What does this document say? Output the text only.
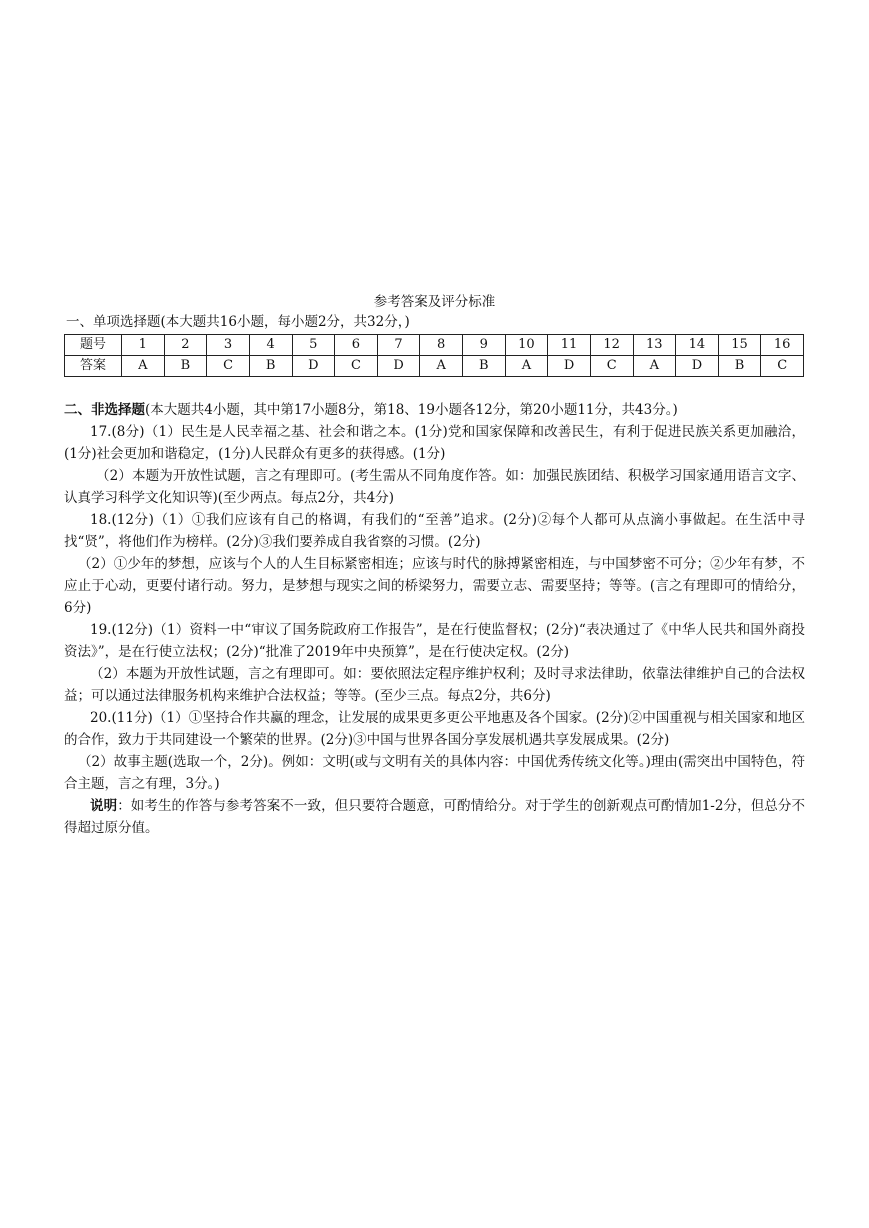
参考答案及评分标准
一、单项选择题(本大题共16小题，每小题2分，共32分，)
题号	1	2	3	4	5	6	7	8	9	10	11	12	13	14	15	16
答案	A	B	C	B	D	C	D	A	B	A	D	C	A	D	B	C
二、非选择题(本大题共4小题，其中第17小题8分，第18、19小题各12分，第20小题11分，共43分。)

17.(8分)（1）民生是人民幸福之基、社会和谐之本。(1分)党和国家保障和改善民生，有利于促进民族关系更加融洽，(1分)社会更加和谐稳定，(1分)人民群众有更多的获得感。(1分)

（2）本题为开放性试题，言之有理即可。(考生需从不同角度作答。如：加强民族团结、积极学习国家通用语言文字、认真学习科学文化知识等)(至少两点。每点2分，共4分)

18.(12分)（1）①我们应该有自己的格调，有我们的“至善”追求。(2分)②每个人都可从点滴小事做起。在生活中寻找“贤”，将他们作为榜样。(2分)③我们要养成自我省察的习惯。(2分)

（2）①少年的梦想，应该与个人的人生目标紧密相连；应该与时代的脉搏紧密相连，与中国梦密不可分；②少年有梦，不应止于心动，更要付诸行动。努力，是梦想与现实之间的桥梁努力，需要立志、需要坚持；等等。(言之有理即可的情给分，6分)

19.(12分)（1）资料一中“审议了国务院政府工作报告”，是在行使监督权；(2分)“表决通过了《中华人民共和国外商投资法》”，是在行使立法权；(2分)“批准了2019年中央预算”，是在行使决定权。(2分)

（2）本题为开放性试题，言之有理即可。如：要依照法定程序维护权利；及时寻求法律助，依靠法律维护自己的合法权益；可以通过法律服务机构来维护合法权益；等等。(至少三点。每点2分，共6分)

20.(11分)（1）①坚持合作共赢的理念，让发展的成果更多更公平地惠及各个国家。(2分)②中国重视与相关国家和地区的合作，致力于共同建设一个繁荣的世界。(2分)③中国与世界各国分享发展机遇共享发展成果。(2分)

（2）故事主题(选取一个，2分)。例如：文明(或与文明有关的具体内容：中国优秀传统文化等。)理由(需突出中国特色，符合主题，言之有理，3分。)

说明：如考生的作答与参考答案不一致，但只要符合题意，可酌情给分。对于学生的创新观点可酌情加1-2分，但总分不得超过原分值。
